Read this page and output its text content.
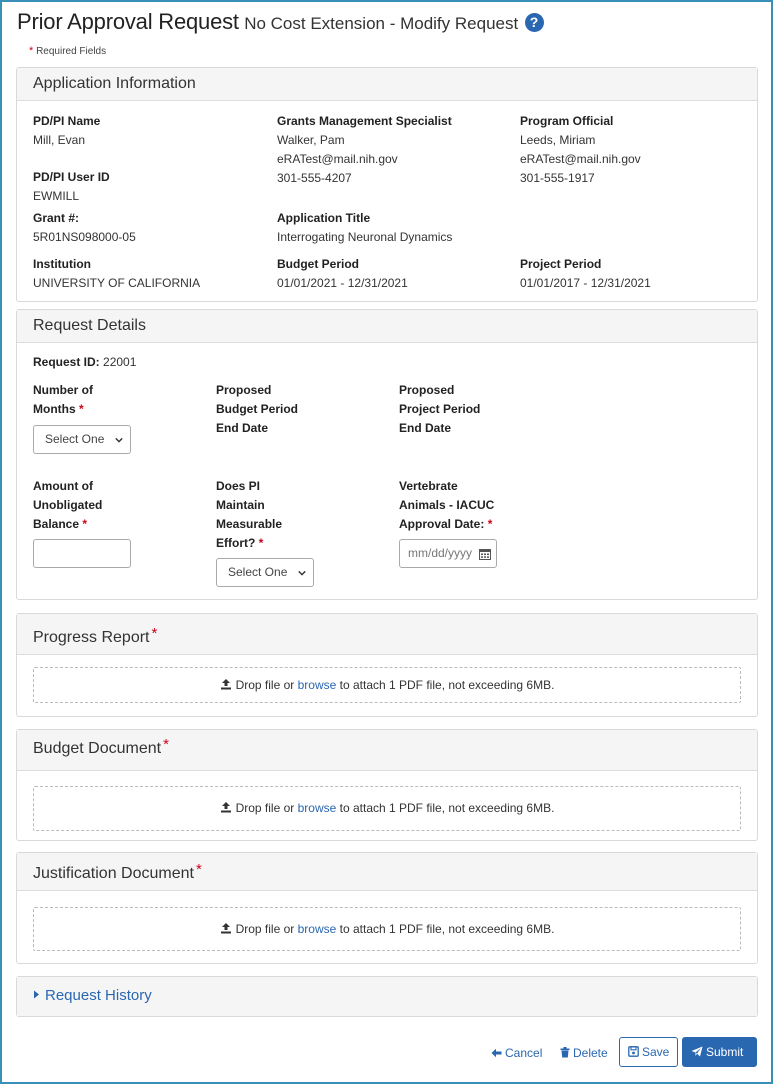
Prior Approval Request No Cost Extension - Modify Request ?
* Required Fields
Application Information
PD/PI Name
Mill, Evan
PD/PI User ID
EWMILL
Grants Management Specialist
Walker, Pam
eRATest@mail.nih.gov
301-555-4207
Program Official
Leeds, Miriam
eRATest@mail.nih.gov
301-555-1917
Grant #:
5R01NS098000-05
Application Title
Interrogating Neuronal Dynamics
Institution
UNIVERSITY OF CALIFORNIA
Budget Period
01/01/2021 - 12/31/2021
Project Period
01/01/2017 - 12/31/2021
Request Details
Request ID: 22001
Number of
Months *
Select One
Proposed
Budget Period
End Date
Proposed
Project Period
End Date
Amount of
Unobligated
Balance *
Does PI
Maintain
Measurable
Effort? *
Select One
Vertebrate
Animals - IACUC
Approval Date: *
mm/dd/yyyy
Progress Report *
Drop file or browse to attach 1 PDF file, not exceeding 6MB.
Budget Document *
Drop file or browse to attach 1 PDF file, not exceeding 6MB.
Justification Document *
Drop file or browse to attach 1 PDF file, not exceeding 6MB.
Request History
Cancel	Delete	Save	Submit
